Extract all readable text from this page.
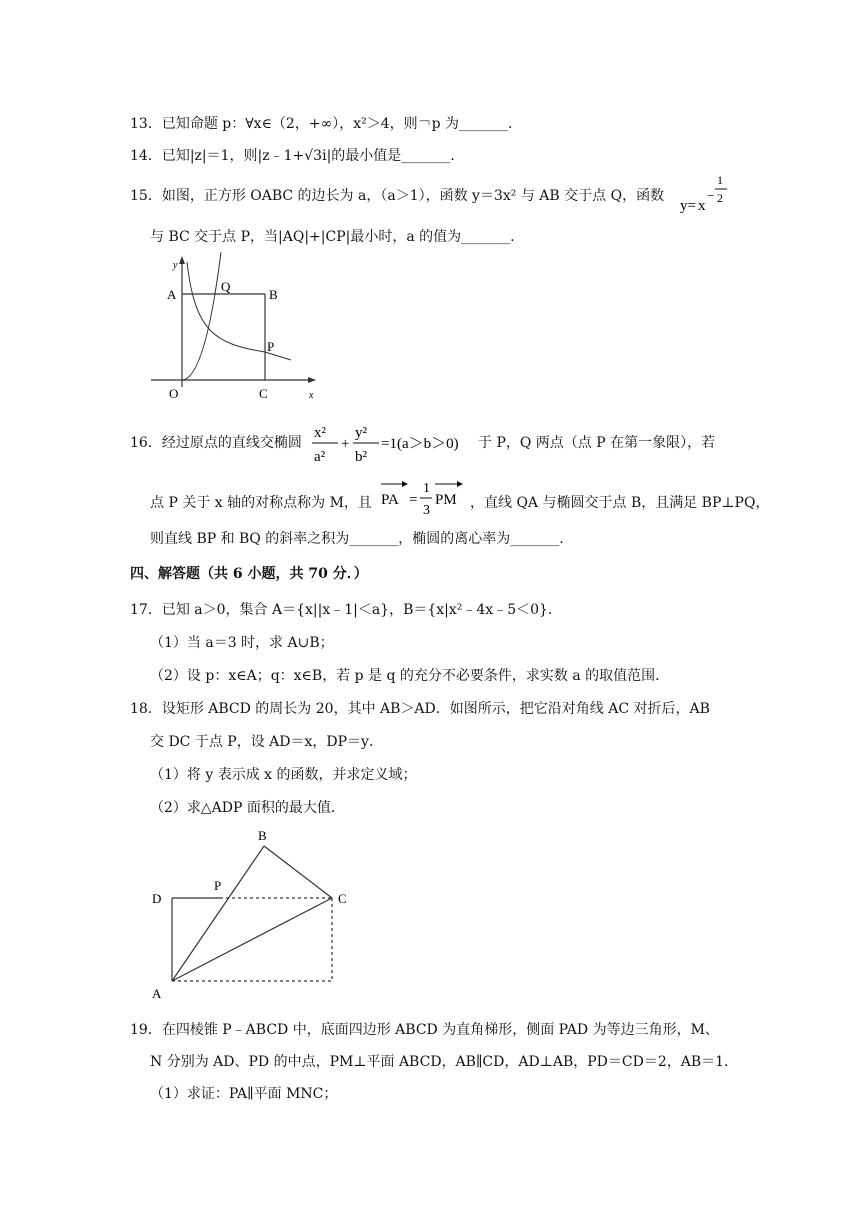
13．已知命题 p：∀x∈（2，+∞），x²＞4，则￢p 为_______.
14．已知|z|＝1，则|z﹣1+√3i|的最小值是_______.
15．如图，正方形 OABC 的边长为 a，（a＞1），函数 y＝3x² 与 AB 交于点 Q，函数
y= x
−
1
2
与 BC 交于点 P，当|AQ|+|CP|最小时，a 的值为_______.
y
A
Q
B
P
O	C	x
16．经过原点的直线交椭圆
x²
a²
+
y²
b²
=1(a＞b＞0) 于 P，Q 两点（点 P 在第一象限），若
点 P 关于 x 轴的对称点称为 M，且 PA =
1
3
PM ，直线 QA 与椭圆交于点 B，且满足 BP⊥PQ，
则直线 BP 和 BQ 的斜率之积为_______，椭圆的离心率为_______.
四、解答题（共 6 小题，共 70 分．）
17．已知 a＞0，集合 A＝{x||x﹣1|＜a}，B＝{x|x²﹣4x﹣5＜0}．
（1）当 a＝3 时，求 A∪B；
（2）设 p：x∈A；q：x∈B，若 p 是 q 的充分不必要条件，求实数 a 的取值范围．
18．设矩形 ABCD 的周长为 20，其中 AB＞AD．如图所示，把它沿对角线 AC 对折后，AB
交 DC 于点 P，设 AD＝x，DP＝y．
（1）将 y 表示成 x 的函数，并求定义域；
（2）求△ADP 面积的最大值．
B
D
P
C
A
19．在四棱锥 P﹣ABCD 中，底面四边形 ABCD 为直角梯形，侧面 PAD 为等边三角形，M、
N 分别为 AD、PD 的中点，PM⊥平面 ABCD，AB∥CD，AD⊥AB，PD＝CD＝2，AB＝1．
（1）求证：PA∥平面 MNC；
